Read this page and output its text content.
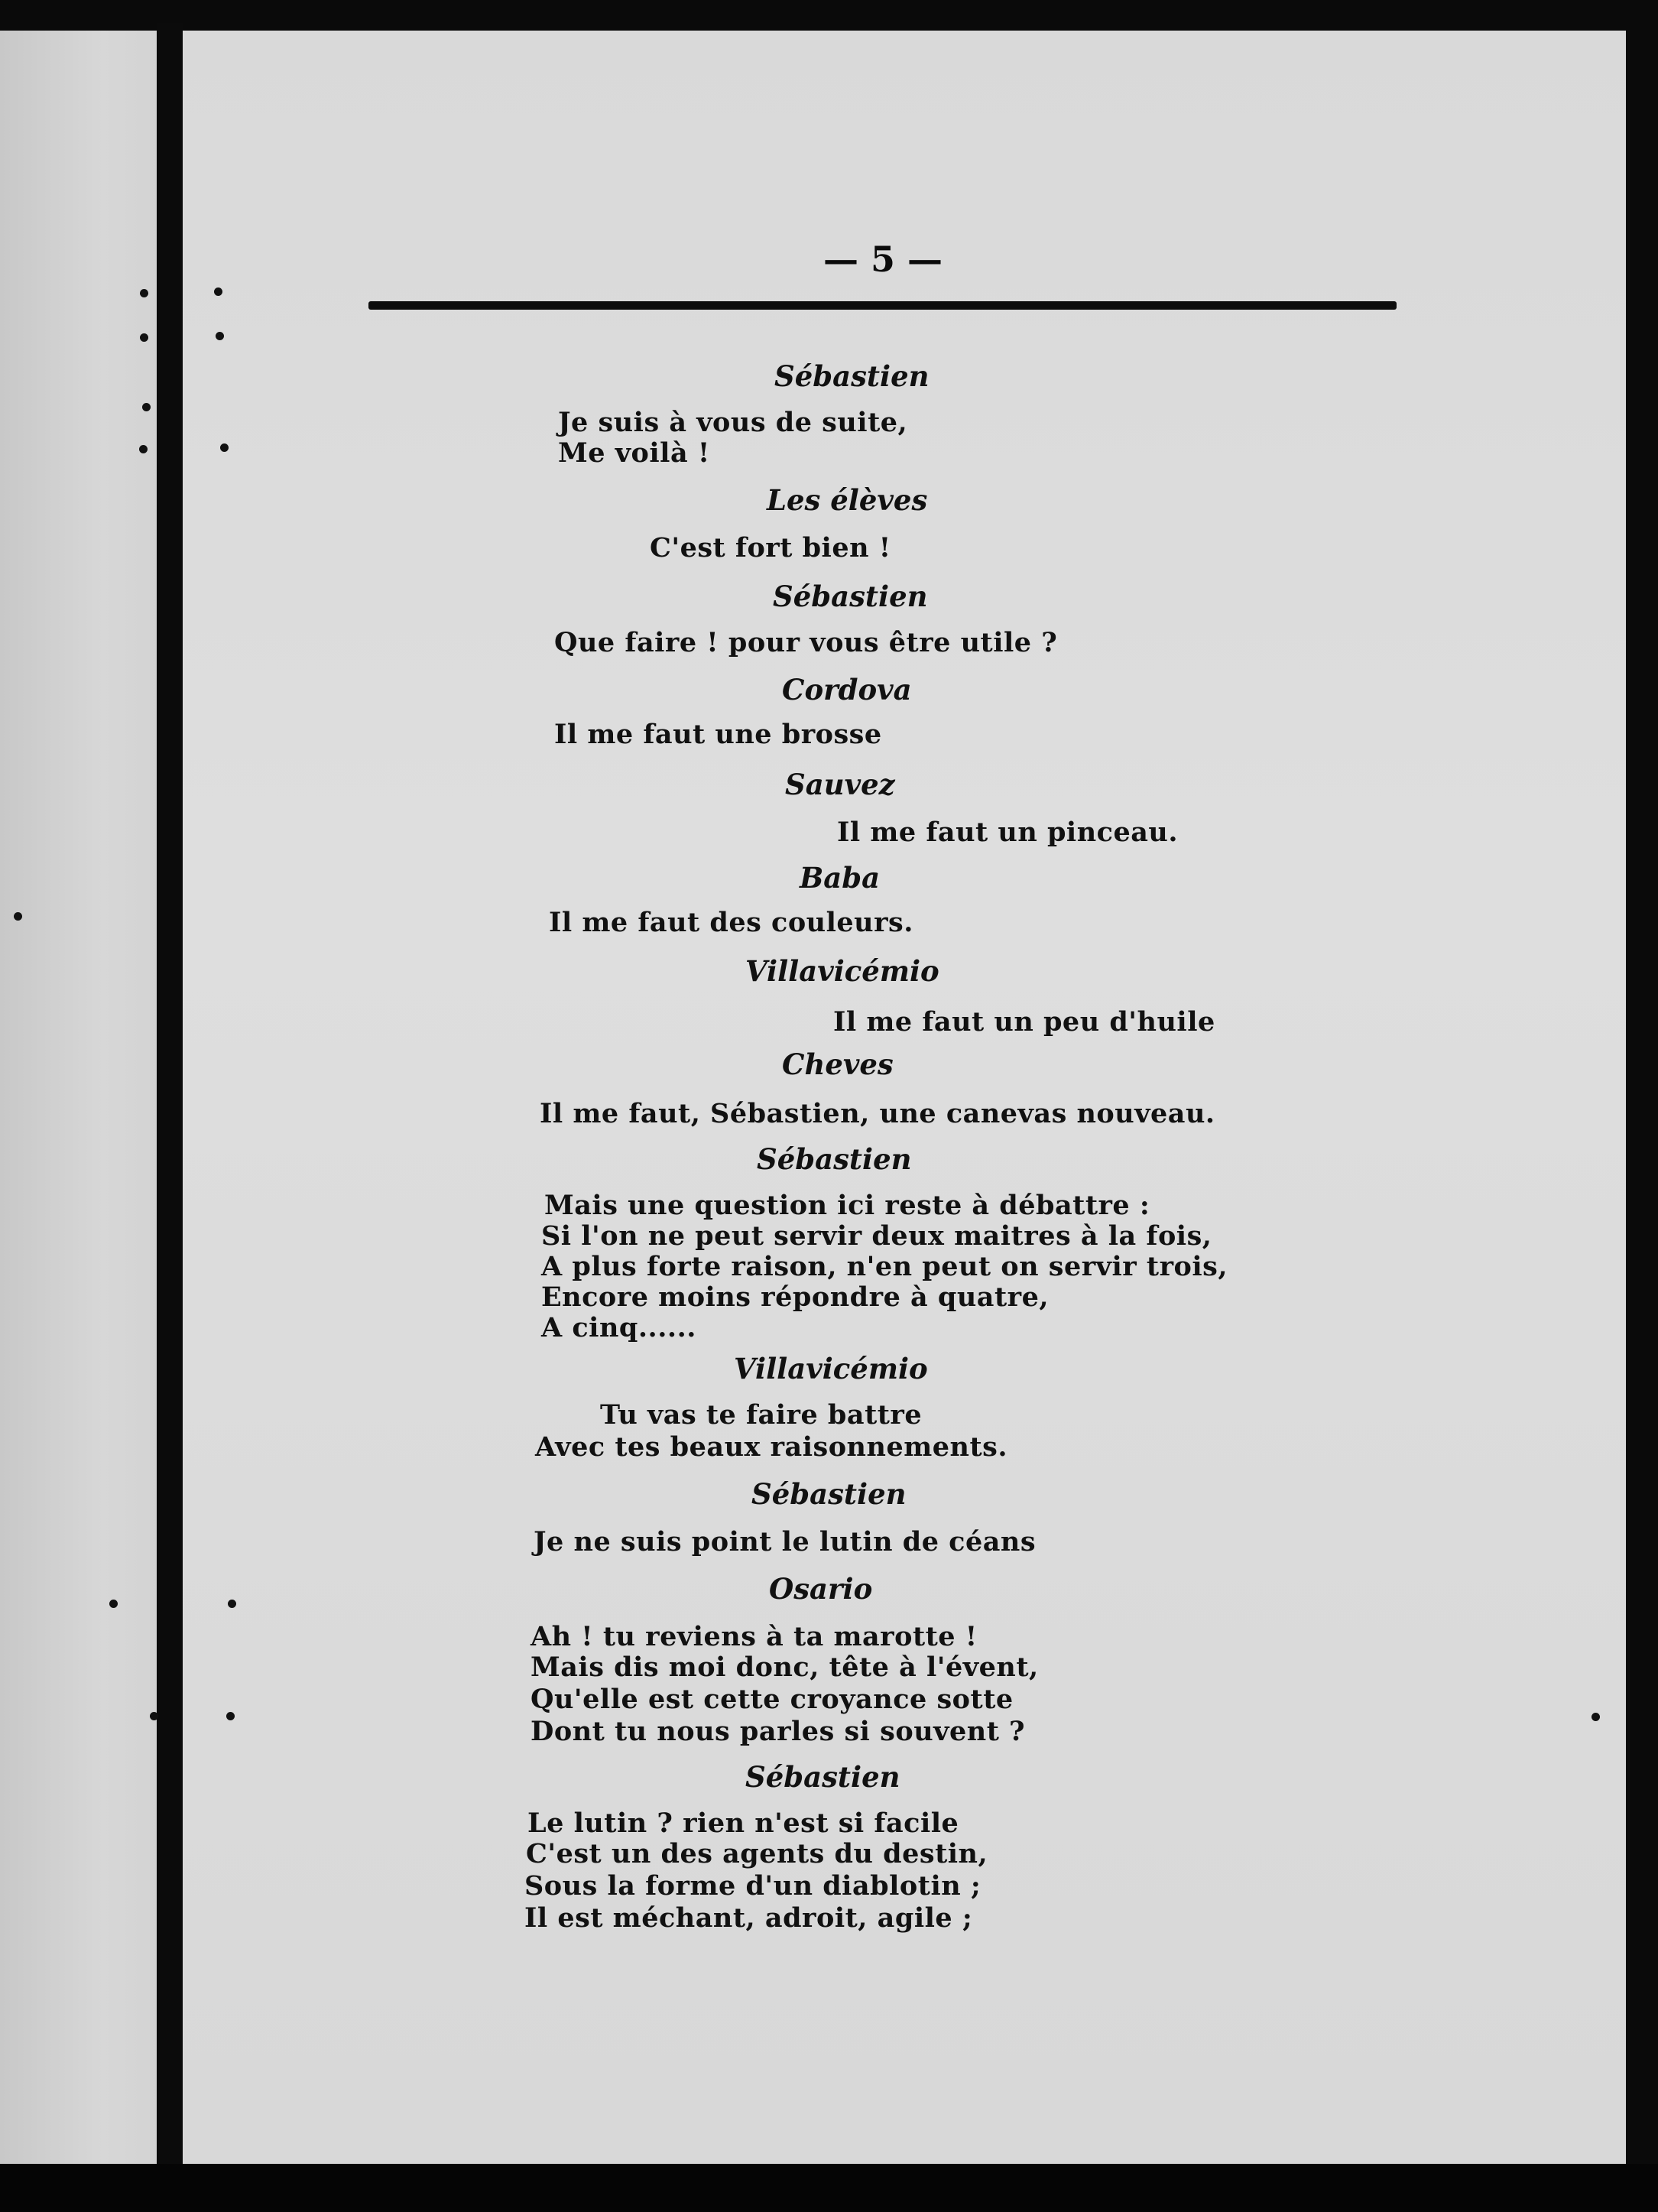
— 5 —
Sébastien
Je suis à vous de suite,
Me voilà !
Les élèves
C'est fort bien !
Sébastien
Que faire ! pour vous être utile ?
Cordova
Il me faut une brosse
Sauvez
Il me faut un pinceau.
Baba
Il me faut des couleurs.
Villavicémio
Il me faut un peu d'huile
Cheves
Il me faut, Sébastien, une canevas nouveau.
Sébastien
Mais une question ici reste à débattre :
Si l'on ne peut servir deux maitres à la fois,
A plus forte raison, n'en peut on servir trois,
Encore moins répondre à quatre,
A cinq......
Villavicémio
Tu vas te faire battre
Avec tes beaux raisonnements.
Sébastien
Je ne suis point le lutin de céans
Osario
Ah ! tu reviens à ta marotte !
Mais dis moi donc, tête à l'évent,
Qu'elle est cette croyance sotte
Dont tu nous parles si souvent ?
Sébastien
Le lutin ? rien n'est si facile
C'est un des agents du destin,
Sous la forme d'un diablotin ;
Il est méchant, adroit, agile ;
